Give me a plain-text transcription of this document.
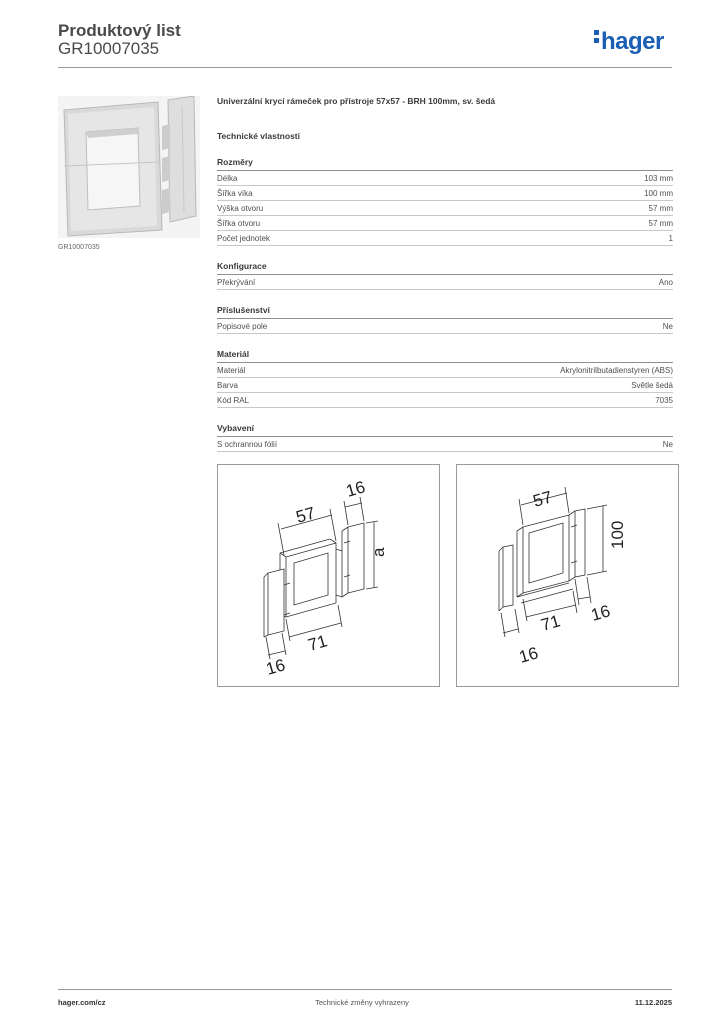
Produktový list
GR10007035	hager
GR10007035
Univerzální krycí rámeček pro přístroje 57x57 - BRH 100mm, sv. šedá
Technické vlastnosti
Rozměry
Délka	103 mm
Šířka víka	100 mm
Výška otvoru	57 mm
Šířka otvoru	57 mm
Počet jednotek	1
Konfigurace
Překrývání	Ano
Příslušenství
Popisové pole	Ne
Materiál
Materiál	Akrylonitrilbutadienstyren (ABS)
Barva	Světle šedá
Kód RAL	7035
Vybavení
S ochrannou fólií	Ne
57
16
a
71
16
57
100
71 16
16
hager.com/cz	Technické změny vyhrazeny	11.12.2025
